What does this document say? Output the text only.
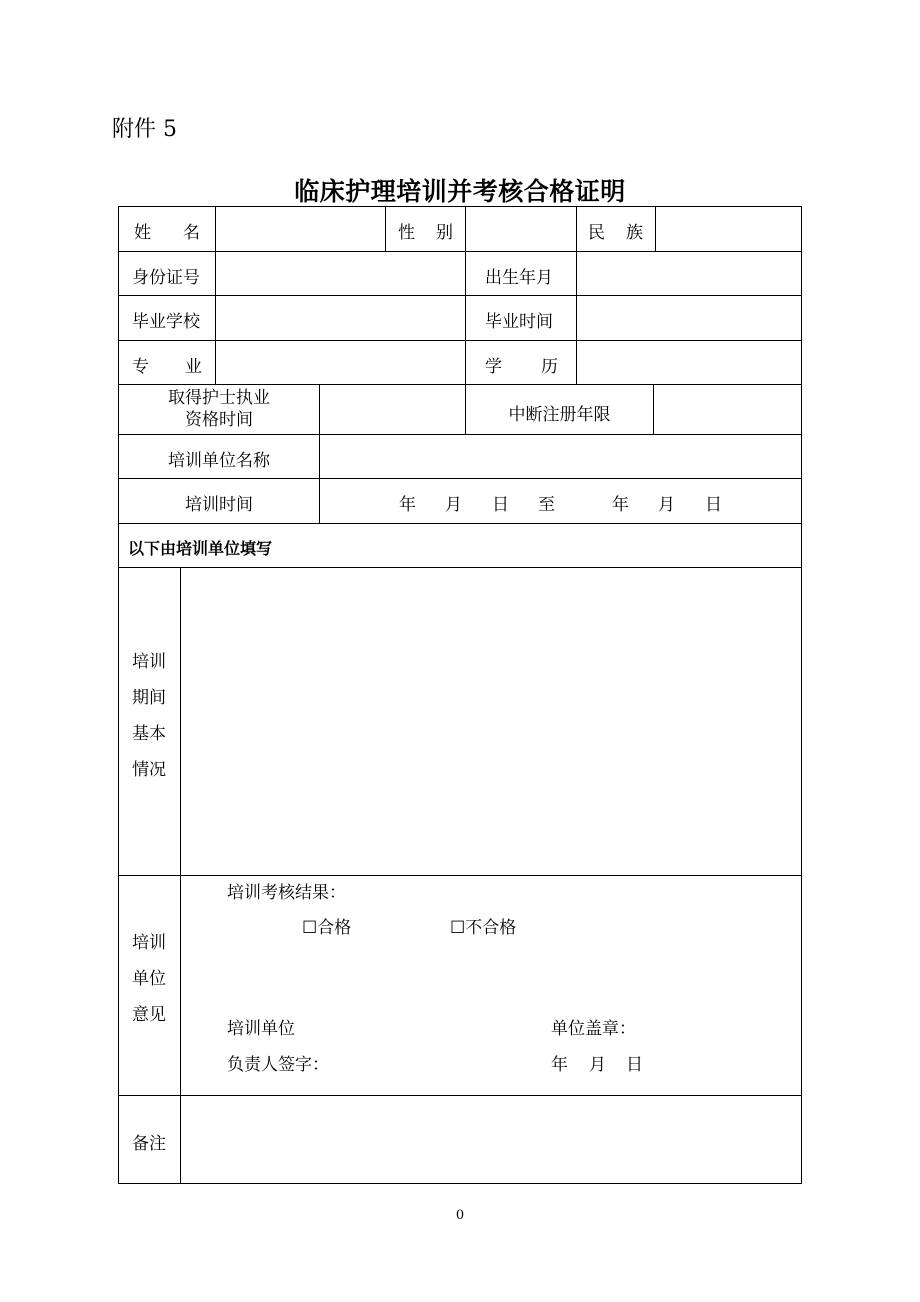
附件 5
临床护理培训并考核合格证明
姓 名	性 别	民 族
身份证号	出生年月
毕业学校	毕业时间
专 业	学 历
取得护士执业
资格时间	中断注册年限
培训单位名称
培训时间	年 月 日 至	年 月 日
以下由培训单位填写
培训
期间
基本
情况
培训
单位
意见
培训考核结果：
☐合格	☐不合格
培训单位	单位盖章：
负责人签字：	年 月 日
备注
0
